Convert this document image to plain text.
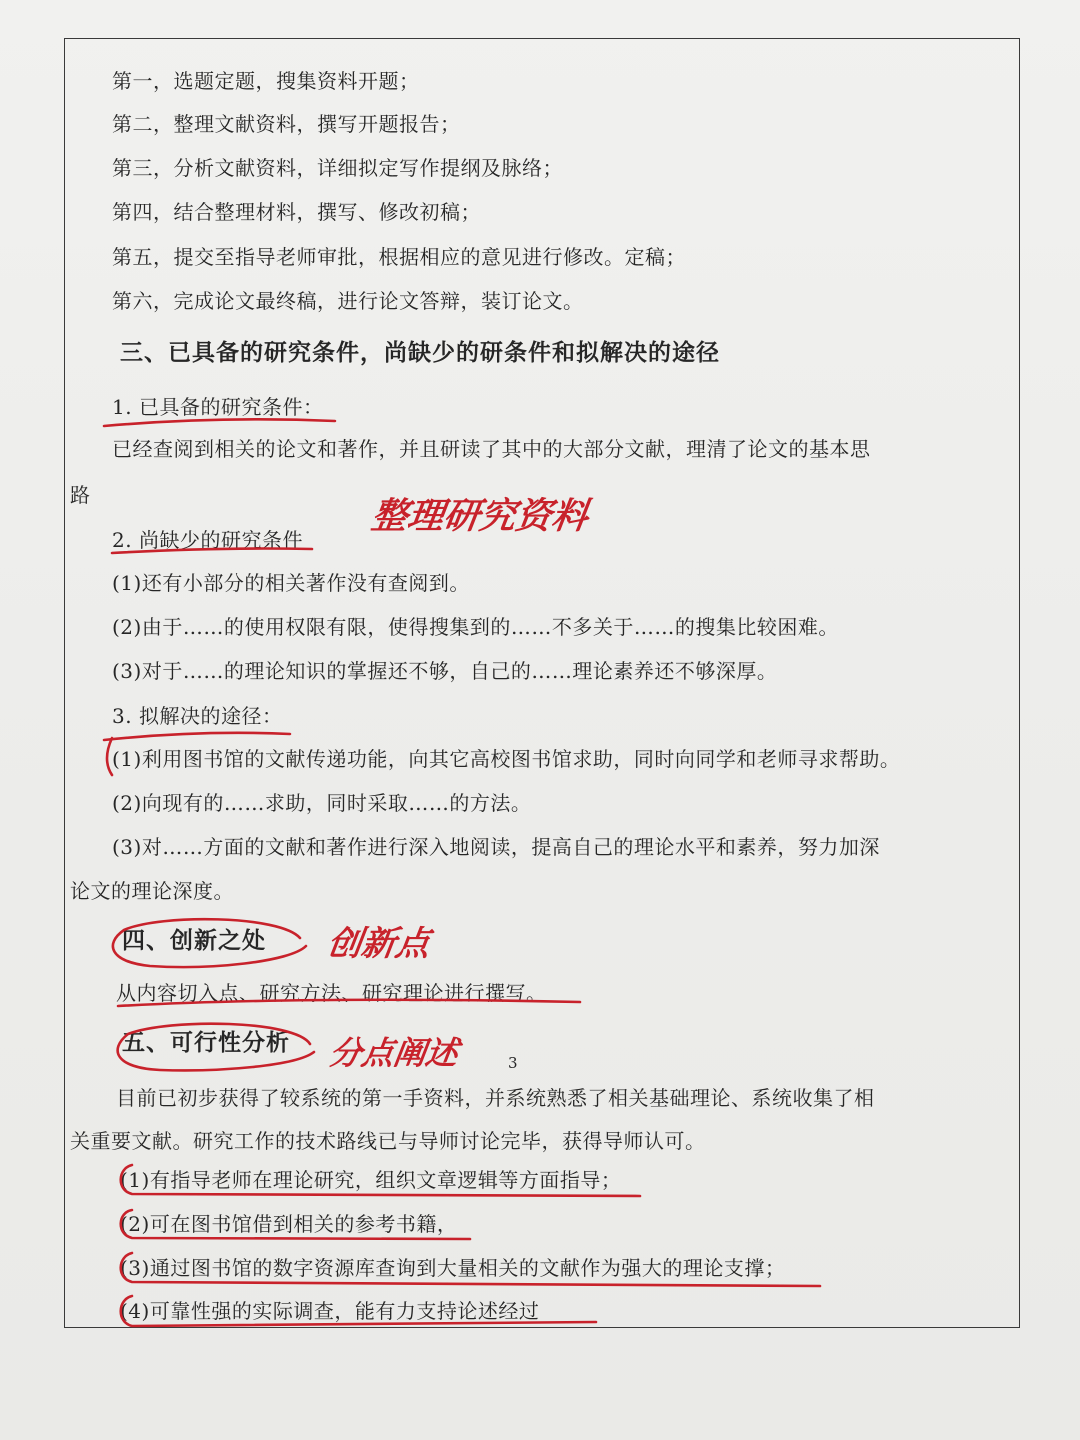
第一，选题定题，搜集资料开题；
第二，整理文献资料，撰写开题报告；
第三，分析文献资料，详细拟定写作提纲及脉络；
第四，结合整理材料，撰写、修改初稿；
第五，提交至指导老师审批，根据相应的意见进行修改。定稿；
第六，完成论文最终稿，进行论文答辩，装订论文。
三、已具备的研究条件，尚缺少的研条件和拟解决的途径
1. 已具备的研究条件：
已经查阅到相关的论文和著作，并且研读了其中的大部分文献，理清了论文的基本思
路
2. 尚缺少的研究条件
(1)还有小部分的相关著作没有查阅到。
(2)由于……的使用权限有限，使得搜集到的……不多关于……的搜集比较困难。
(3)对于……的理论知识的掌握还不够，自己的……理论素养还不够深厚。
3. 拟解决的途径：
(1)利用图书馆的文献传递功能，向其它高校图书馆求助，同时向同学和老师寻求帮助。
(2)向现有的……求助，同时采取……的方法。
(3)对……方面的文献和著作进行深入地阅读，提高自己的理论水平和素养，努力加深
论文的理论深度。
四、创新之处
从内容切入点、研究方法、研究理论进行撰写。
五、可行性分析
目前已初步获得了较系统的第一手资料，并系统熟悉了相关基础理论、系统收集了相
关重要文献。研究工作的技术路线已与导师讨论完毕，获得导师认可。
(1)有指导老师在理论研究，组织文章逻辑等方面指导；
(2)可在图书馆借到相关的参考书籍，
(3)通过图书馆的数字资源库查询到大量相关的文献作为强大的理论支撑；
(4)可靠性强的实际调查，能有力支持论述经过
整理研究资料
创新点
分点阐述	3
